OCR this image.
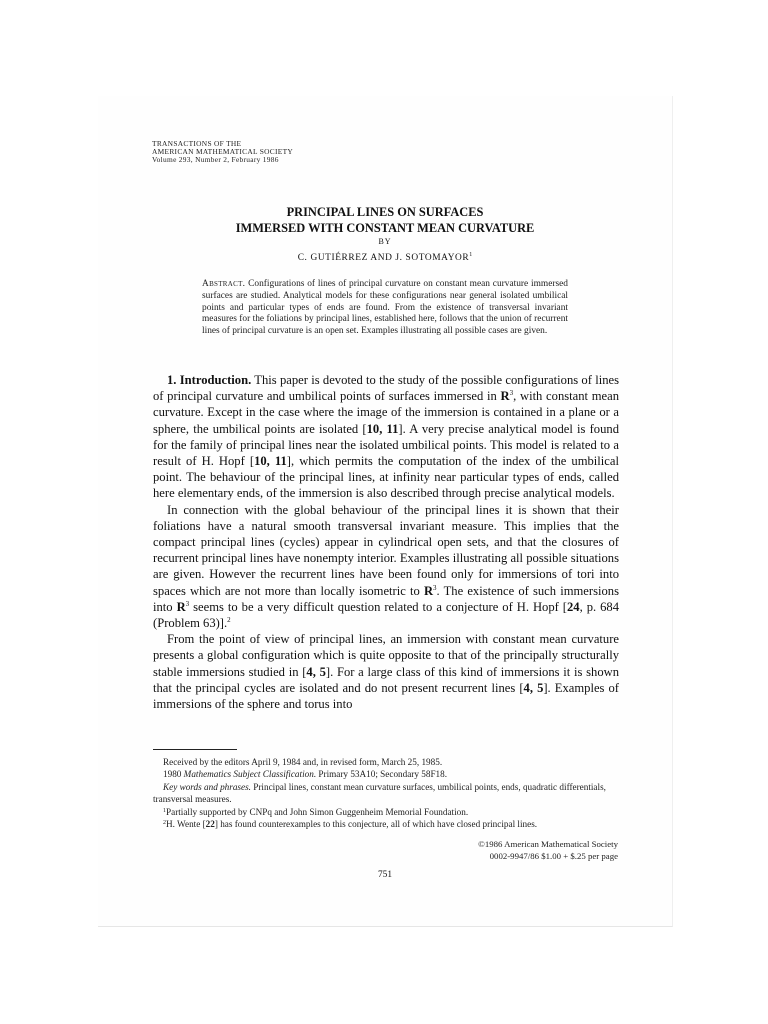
TRANSACTIONS OF THE
AMERICAN MATHEMATICAL SOCIETY
Volume 293, Number 2, February 1986
PRINCIPAL LINES ON SURFACES
IMMERSED WITH CONSTANT MEAN CURVATURE
BY
C. GUTIÉRREZ AND J. SOTOMAYOR$^1$
Abstract. Configurations of lines of principal curvature on constant mean curvature immersed surfaces are studied. Analytical models for these configurations near general isolated umbilical points and particular types of ends are found. From the existence of transversal invariant measures for the foliations by principal lines, established here, follows that the union of recurrent lines of principal curvature is an open set. Examples illustrating all possible cases are given.

1. Introduction. This paper is devoted to the study of the possible configurations of lines of principal curvature and umbilical points of surfaces immersed in $R^3$, with constant mean curvature. Except in the case where the image of the immersion is contained in a plane or a sphere, the umbilical points are isolated [10, 11]. A very precise analytical model is found for the family of principal lines near the isolated umbilical points. This model is related to a result of H. Hopf [10, 11], which permits the computation of the index of the umbilical point. The behaviour of the principal lines, at infinity near particular types of ends, called here elementary ends, of the immersion is also described through precise analytical models.

In connection with the global behaviour of the principal lines it is shown that their foliations have a natural smooth transversal invariant measure. This implies that the compact principal lines (cycles) appear in cylindrical open sets, and that the closures of recurrent principal lines have nonempty interior. Examples illustrating all possible situations are given. However the recurrent lines have been found only for immersions of tori into spaces which are not more than locally isometric to $R^3$. The existence of such immersions into $R^3$ seems to be a very difficult question related to a conjecture of H. Hopf [24, p. 684 (Problem 63)].$^2$

From the point of view of principal lines, an immersion with constant mean curvature presents a global configuration which is quite opposite to that of the principally structurally stable immersions studied in [4, 5]. For a large class of this kind of immersions it is shown that the principal cycles are isolated and do not present recurrent lines [4, 5]. Examples of immersions of the sphere and torus into

Received by the editors April 9, 1984 and, in revised form, March 25, 1985.

1980 Mathematics Subject Classification. Primary 53A10; Secondary 58F18.

Key words and phrases. Principal lines, constant mean curvature surfaces, umbilical points, ends, quadratic differentials, transversal measures.

$^1$Partially supported by CNPq and John Simon Guggenheim Memorial Foundation.

$^2$H. Wente [22] has found counterexamples to this conjecture, all of which have closed principal lines.

©1986 American Mathematical Society
0002-9947/86 $1.00 + $.25 per page
751
